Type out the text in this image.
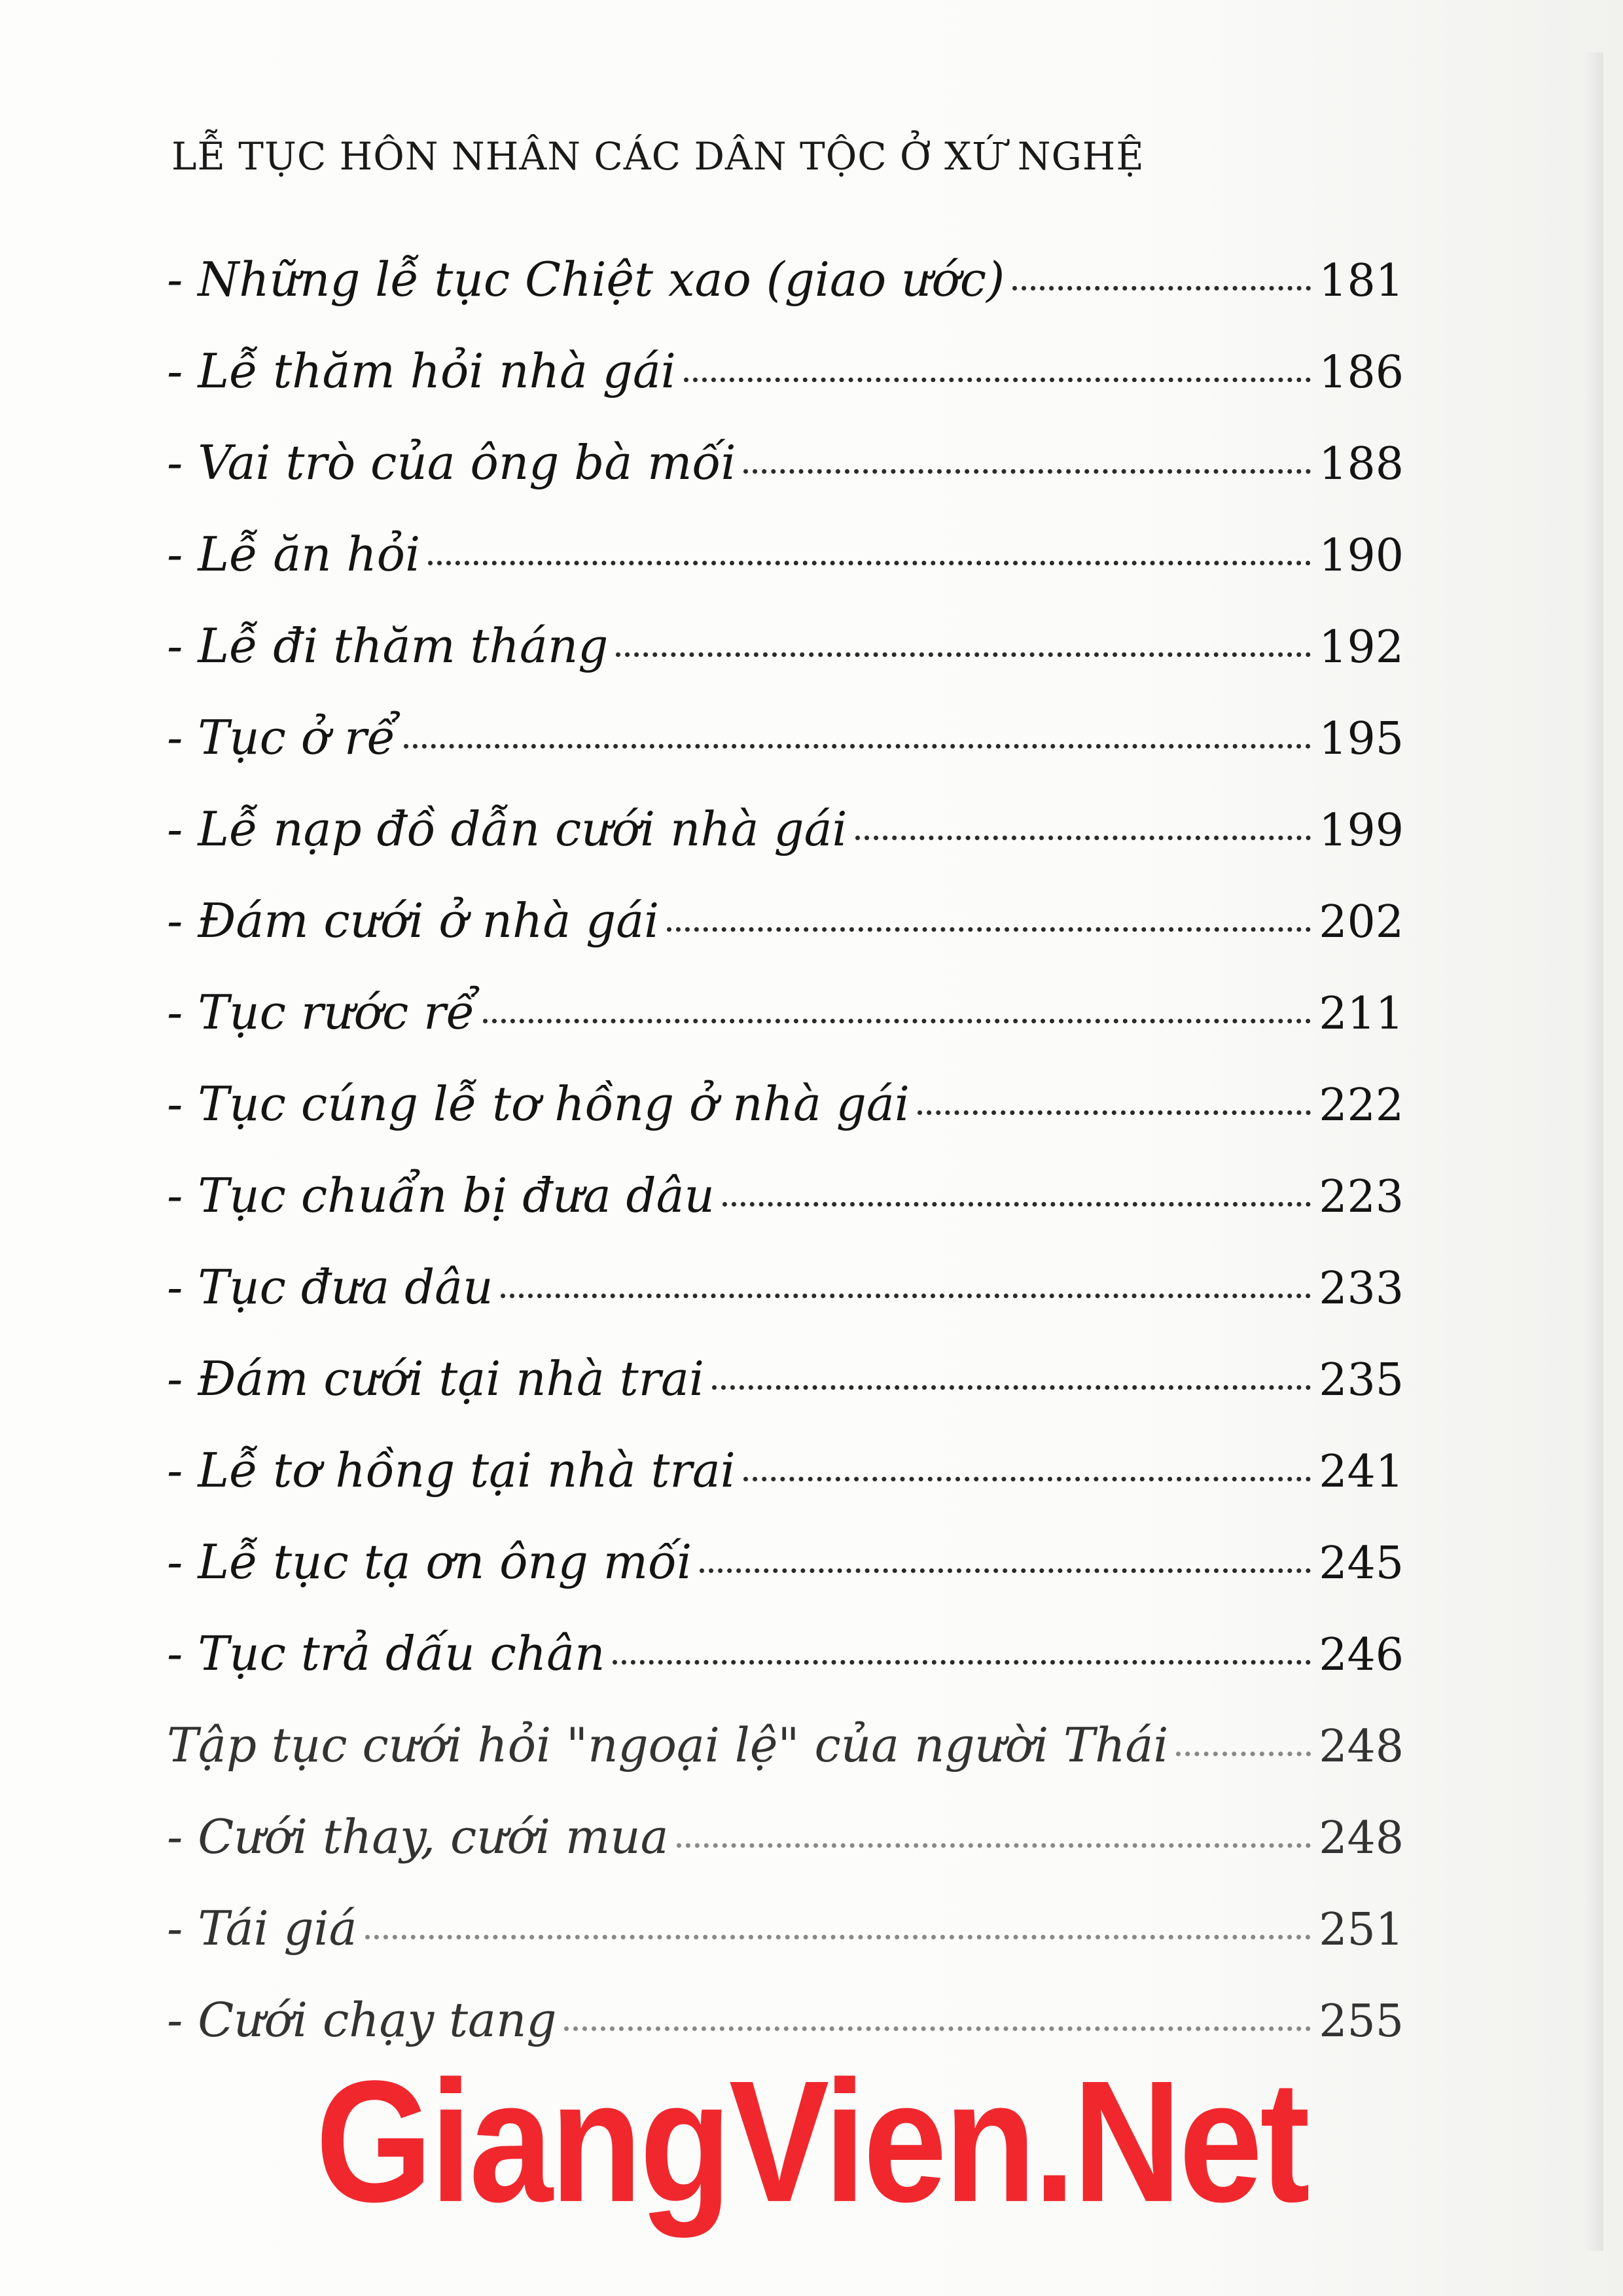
LỄ TỤC HÔN NHÂN CÁC DÂN TỘC Ở XỨ NGHỆ
- Những lễ tục Chiệt xao (giao ước)	181
- Lễ thăm hỏi nhà gái	186
- Vai trò của ông bà mối	188
- Lễ ăn hỏi	190
- Lễ đi thăm tháng	192
- Tục ở rể	195
- Lễ nạp đồ dẫn cưới nhà gái	199
- Đám cưới ở nhà gái	202
- Tục rước rể	211
- Tục cúng lễ tơ hồng ở nhà gái	222
- Tục chuẩn bị đưa dâu	223
- Tục đưa dâu	233
- Đám cưới tại nhà trai	235
- Lễ tơ hồng tại nhà trai	241
- Lễ tục tạ ơn ông mối	245
- Tục trả dấu chân	246
Tập tục cưới hỏi "ngoại lệ" của người Thái	248
- Cưới thay, cưới mua	248
- Tái giá	251
- Cưới chạy tang	255
GiangVien.Net
